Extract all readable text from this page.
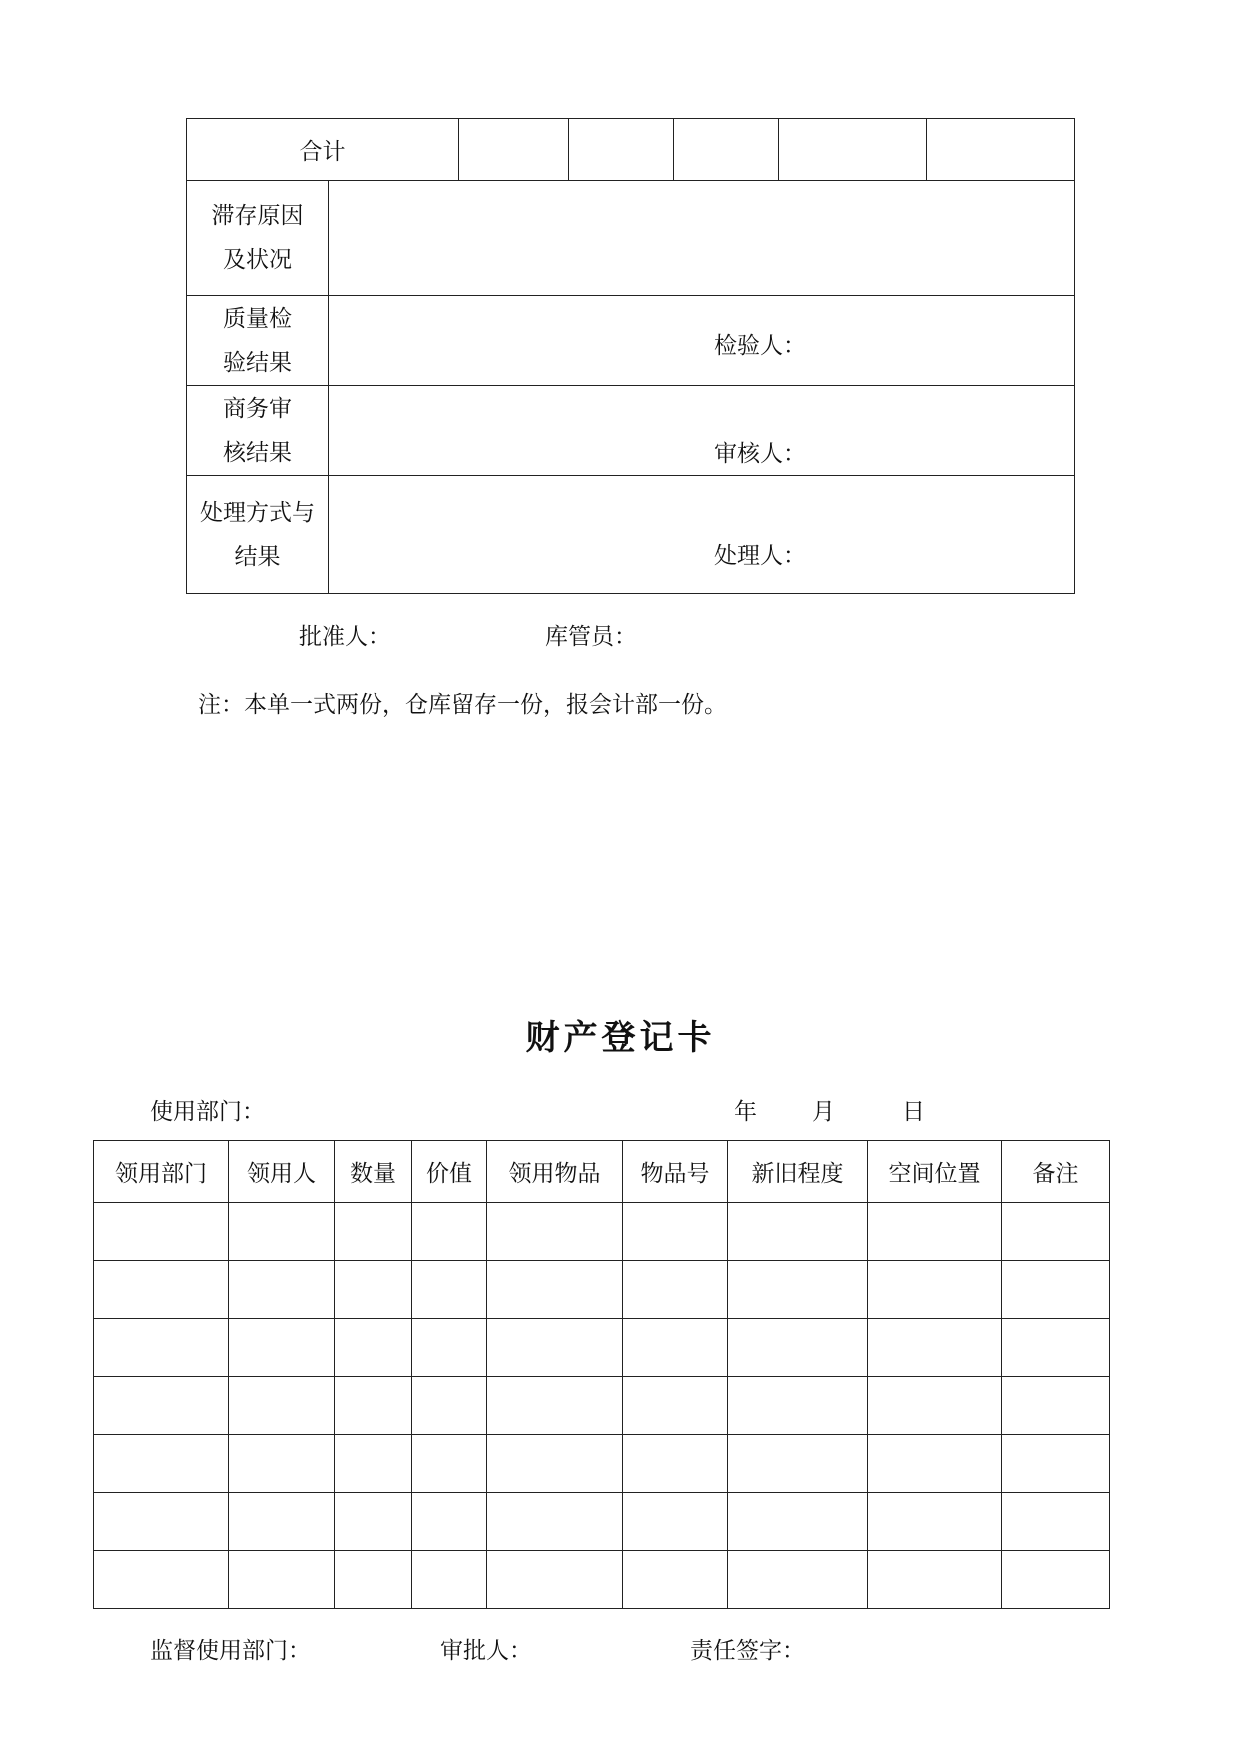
合计						

滞存原因及状况						

质量检验结果	检验人：					

商务审核结果	审核人：					

处理方式与结果	处理人：					
批准人：	库管员：
注：本单一式两份，仓库留存一份，报会计部一份。
财产登记卡
使用部门：	年 月	日
领用部门	领用人	数量	价值	领用物品	物品号	新旧程度	空间位置	备注

监督使用部门：	审批人：	责任签字：
